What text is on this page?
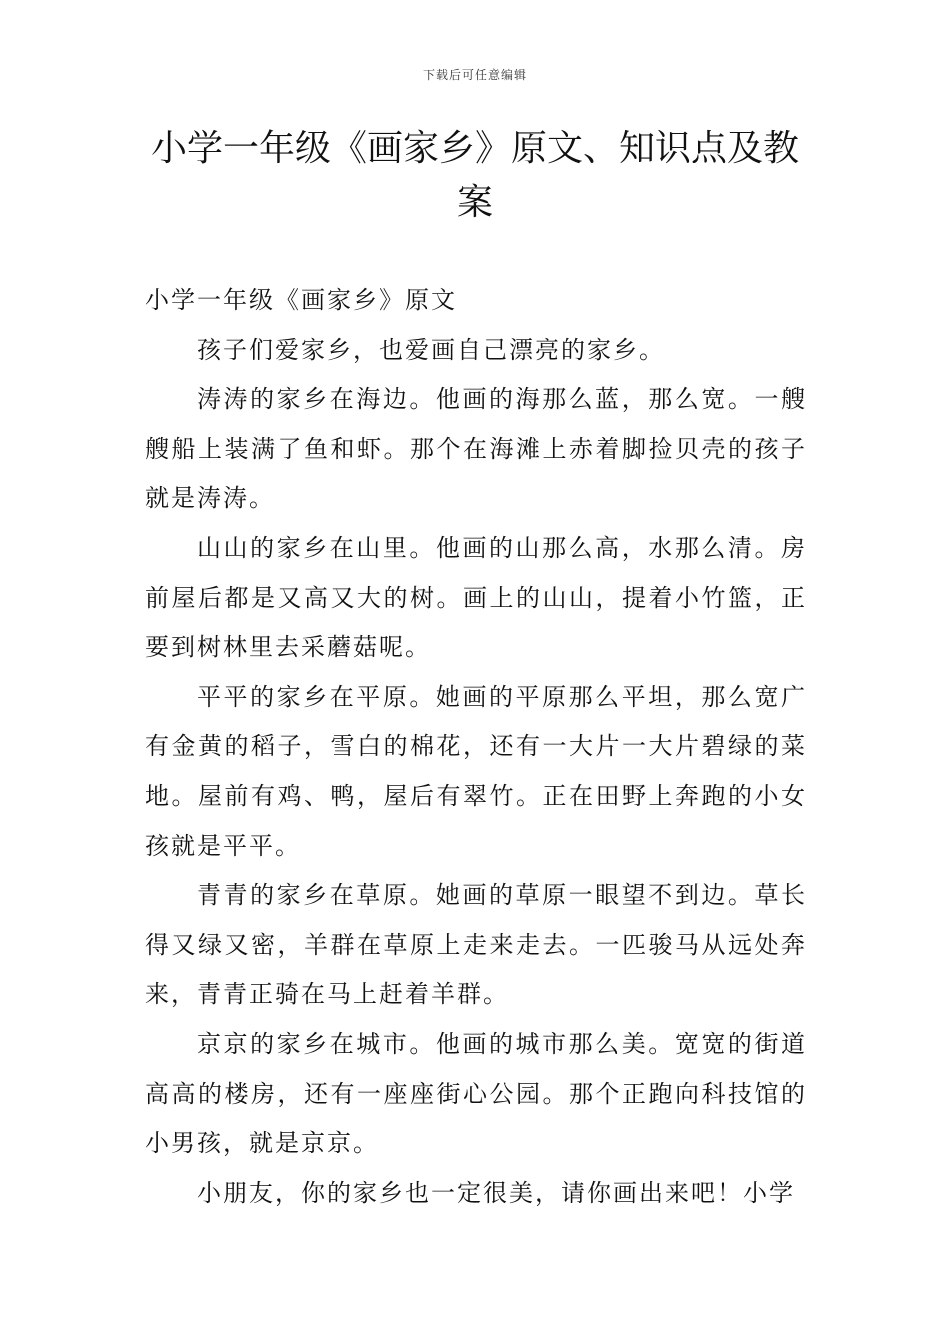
下载后可任意编辑
小学一年级《画家乡》原文、知识点及教案

小学一年级《画家乡》原文

孩子们爱家乡，也爱画自己漂亮的家乡。

涛涛的家乡在海边。他画的海那么蓝，那么宽。一艘艘船上装满了鱼和虾。那个在海滩上赤着脚捡贝壳的孩子就是涛涛。

山山的家乡在山里。他画的山那么高，水那么清。房前屋后都是又高又大的树。画上的山山，提着小竹篮，正要到树林里去采蘑菇呢。

平平的家乡在平原。她画的平原那么平坦，那么宽广有金黄的稻子，雪白的棉花，还有一大片一大片碧绿的菜地。屋前有鸡、鸭，屋后有翠竹。正在田野上奔跑的小女孩就是平平。

青青的家乡在草原。她画的草原一眼望不到边。草长得又绿又密，羊群在草原上走来走去。一匹骏马从远处奔来，青青正骑在马上赶着羊群。

京京的家乡在城市。他画的城市那么美。宽宽的街道高高的楼房，还有一座座街心公园。那个正跑向科技馆的小男孩，就是京京。

小朋友，你的家乡也一定很美，请你画出来吧！小学
